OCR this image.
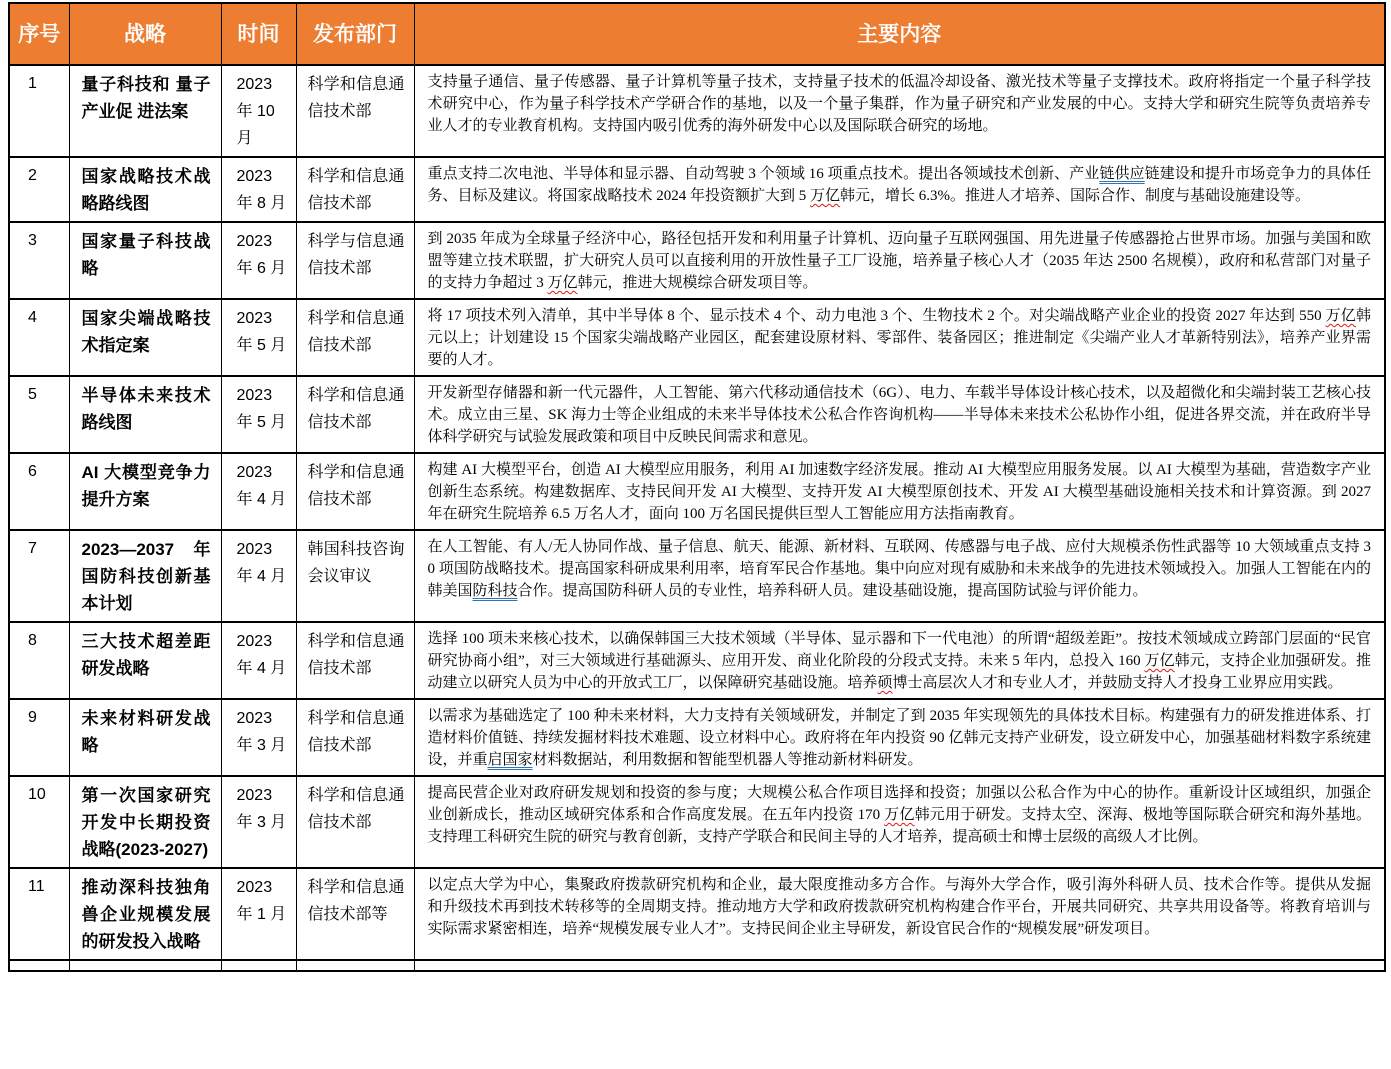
序号	战略	时间	发布部门	主要内容
1	量子科技和 量子产业促 进法案	2023 年 10 月	科学和信息通信技术部	支持量子通信、量子传感器、量子计算机等量子技术，支持量子技术的低温冷却设备、激光技术等量子支撑技术。政府将指定一个量子科学技术研究中心，作为量子科学技术产学研合作的基地，以及一个量子集群，作为量子研究和产业发展的中心。支持大学和研究生院等负责培养专业人才的专业教育机构。支持国内吸引优秀的海外研发中心以及国际联合研究的场地。
2	国家战略技术战略路线图	2023 年 8 月	科学和信息通信技术部	重点支持二次电池、半导体和显示器、自动驾驶 3 个领域 16 项重点技术。提出各领域技术创新、产业链供应链建设和提升市场竞争力的具体任务、目标及建议。将国家战略技术 2024 年投资额扩大到 5 万亿韩元，增长 6.3%。推进人才培养、国际合作、制度与基础设施建设等。
3	国家量子科技战略	2023 年 6 月	科学与信息通信技术部	到 2035 年成为全球量子经济中心，路径包括开发和利用量子计算机、迈向量子互联网强国、用先进量子传感器抢占世界市场。加强与美国和欧盟等建立技术联盟，扩大研究人员可以直接利用的开放性量子工厂设施，培养量子核心人才（2035 年达 2500 名规模），政府和私营部门对量子的支持力争超过 3 万亿韩元，推进大规模综合研发项目等。
4	国家尖端战略技术指定案	2023 年 5 月	科学和信息通信技术部	将 17 项技术列入清单，其中半导体 8 个、显示技术 4 个、动力电池 3 个、生物技术 2 个。对尖端战略产业企业的投资 2027 年达到 550 万亿韩元以上；计划建设 15 个国家尖端战略产业园区，配套建设原材料、零部件、装备园区；推进制定《尖端产业人才革新特别法》，培养产业界需要的人才。
5	半导体未来技术路线图	2023 年 5 月	科学和信息通信技术部	开发新型存储器和新一代元器件，人工智能、第六代移动通信技术（6G）、电力、车载半导体设计核心技术，以及超微化和尖端封装工艺核心技术。成立由三星、SK 海力士等企业组成的未来半导体技术公私合作咨询机构——半导体未来技术公私协作小组，促进各界交流，并在政府半导体科学研究与试验发展政策和项目中反映民间需求和意见。
6	AI 大模型竞争力提升方案	2023 年 4 月	科学和信息通信技术部	构建 AI 大模型平台，创造 AI 大模型应用服务，利用 AI 加速数字经济发展。推动 AI 大模型应用服务发展。以 AI 大模型为基础，营造数字产业创新生态系统。构建数据库、支持民间开发 AI 大模型、支持开发 AI 大模型原创技术、开发 AI 大模型基础设施相关技术和计算资源。到 2027 年在研究生院培养 6.5 万名人才，面向 100 万名国民提供巨型人工智能应用方法指南教育。
7	2023—2037 年国防科技创新基本计划	2023 年 4 月	韩国科技咨询会议审议	在人工智能、有人/无人协同作战、量子信息、航天、能源、新材料、互联网、传感器与电子战、应付大规模杀伤性武器等 10 大领域重点支持 30 项国防战略技术。提高国家科研成果利用率，培育军民合作基地。集中向应对现有威胁和未来战争的先进技术领域投入。加强人工智能在内的韩美国防科技合作。提高国防科研人员的专业性，培养科研人员。建设基础设施，提高国防试验与评价能力。
8	三大技术超差距研发战略	2023 年 4 月	科学和信息通信技术部	选择 100 项未来核心技术，以确保韩国三大技术领域（半导体、显示器和下一代电池）的所谓“超级差距”。按技术领域成立跨部门层面的“民官研究协商小组”，对三大领域进行基础源头、应用开发、商业化阶段的分段式支持。未来 5 年内，总投入 160 万亿韩元，支持企业加强研发。推动建立以研究人员为中心的开放式工厂，以保障研究基础设施。培养硕博士高层次人才和专业人才，并鼓励支持人才投身工业界应用实践。
9	未来材料研发战略	2023 年 3 月	科学和信息通信技术部	以需求为基础选定了 100 种未来材料，大力支持有关领域研发，并制定了到 2035 年实现领先的具体技术目标。构建强有力的研发推进体系、打造材料价值链、持续发掘材料技术难题、设立材料中心。政府将在年内投资 90 亿韩元支持产业研发，设立研发中心，加强基础材料数字系统建设，并重启国家材料数据站，利用数据和智能型机器人等推动新材料研发。
10	第一次国家研究开发中长期投资战略(2023-2027)	2023 年 3 月	科学和信息通信技术部	提高民营企业对政府研发规划和投资的参与度；大规模公私合作项目选择和投资；加强以公私合作为中心的协作。重新设计区域组织，加强企业创新成长，推动区域研究体系和合作高度发展。在五年内投资 170 万亿韩元用于研发。支持太空、深海、极地等国际联合研究和海外基地。支持理工科研究生院的研究与教育创新，支持产学联合和民间主导的人才培养，提高硕士和博士层级的高级人才比例。
11	推动深科技独角兽企业规模发展的研发投入战略	2023 年 1 月	科学和信息通信技术部等	以定点大学为中心，集聚政府拨款研究机构和企业，最大限度推动多方合作。与海外大学合作，吸引海外科研人员、技术合作等。提供从发掘和升级技术再到技术转移等的全周期支持。推动地方大学和政府拨款研究机构构建合作平台，开展共同研究、共享共用设备等。将教育培训与实际需求紧密相连，培养“规模发展专业人才”。支持民间企业主导研发，新设官民合作的“规模发展”研发项目。
